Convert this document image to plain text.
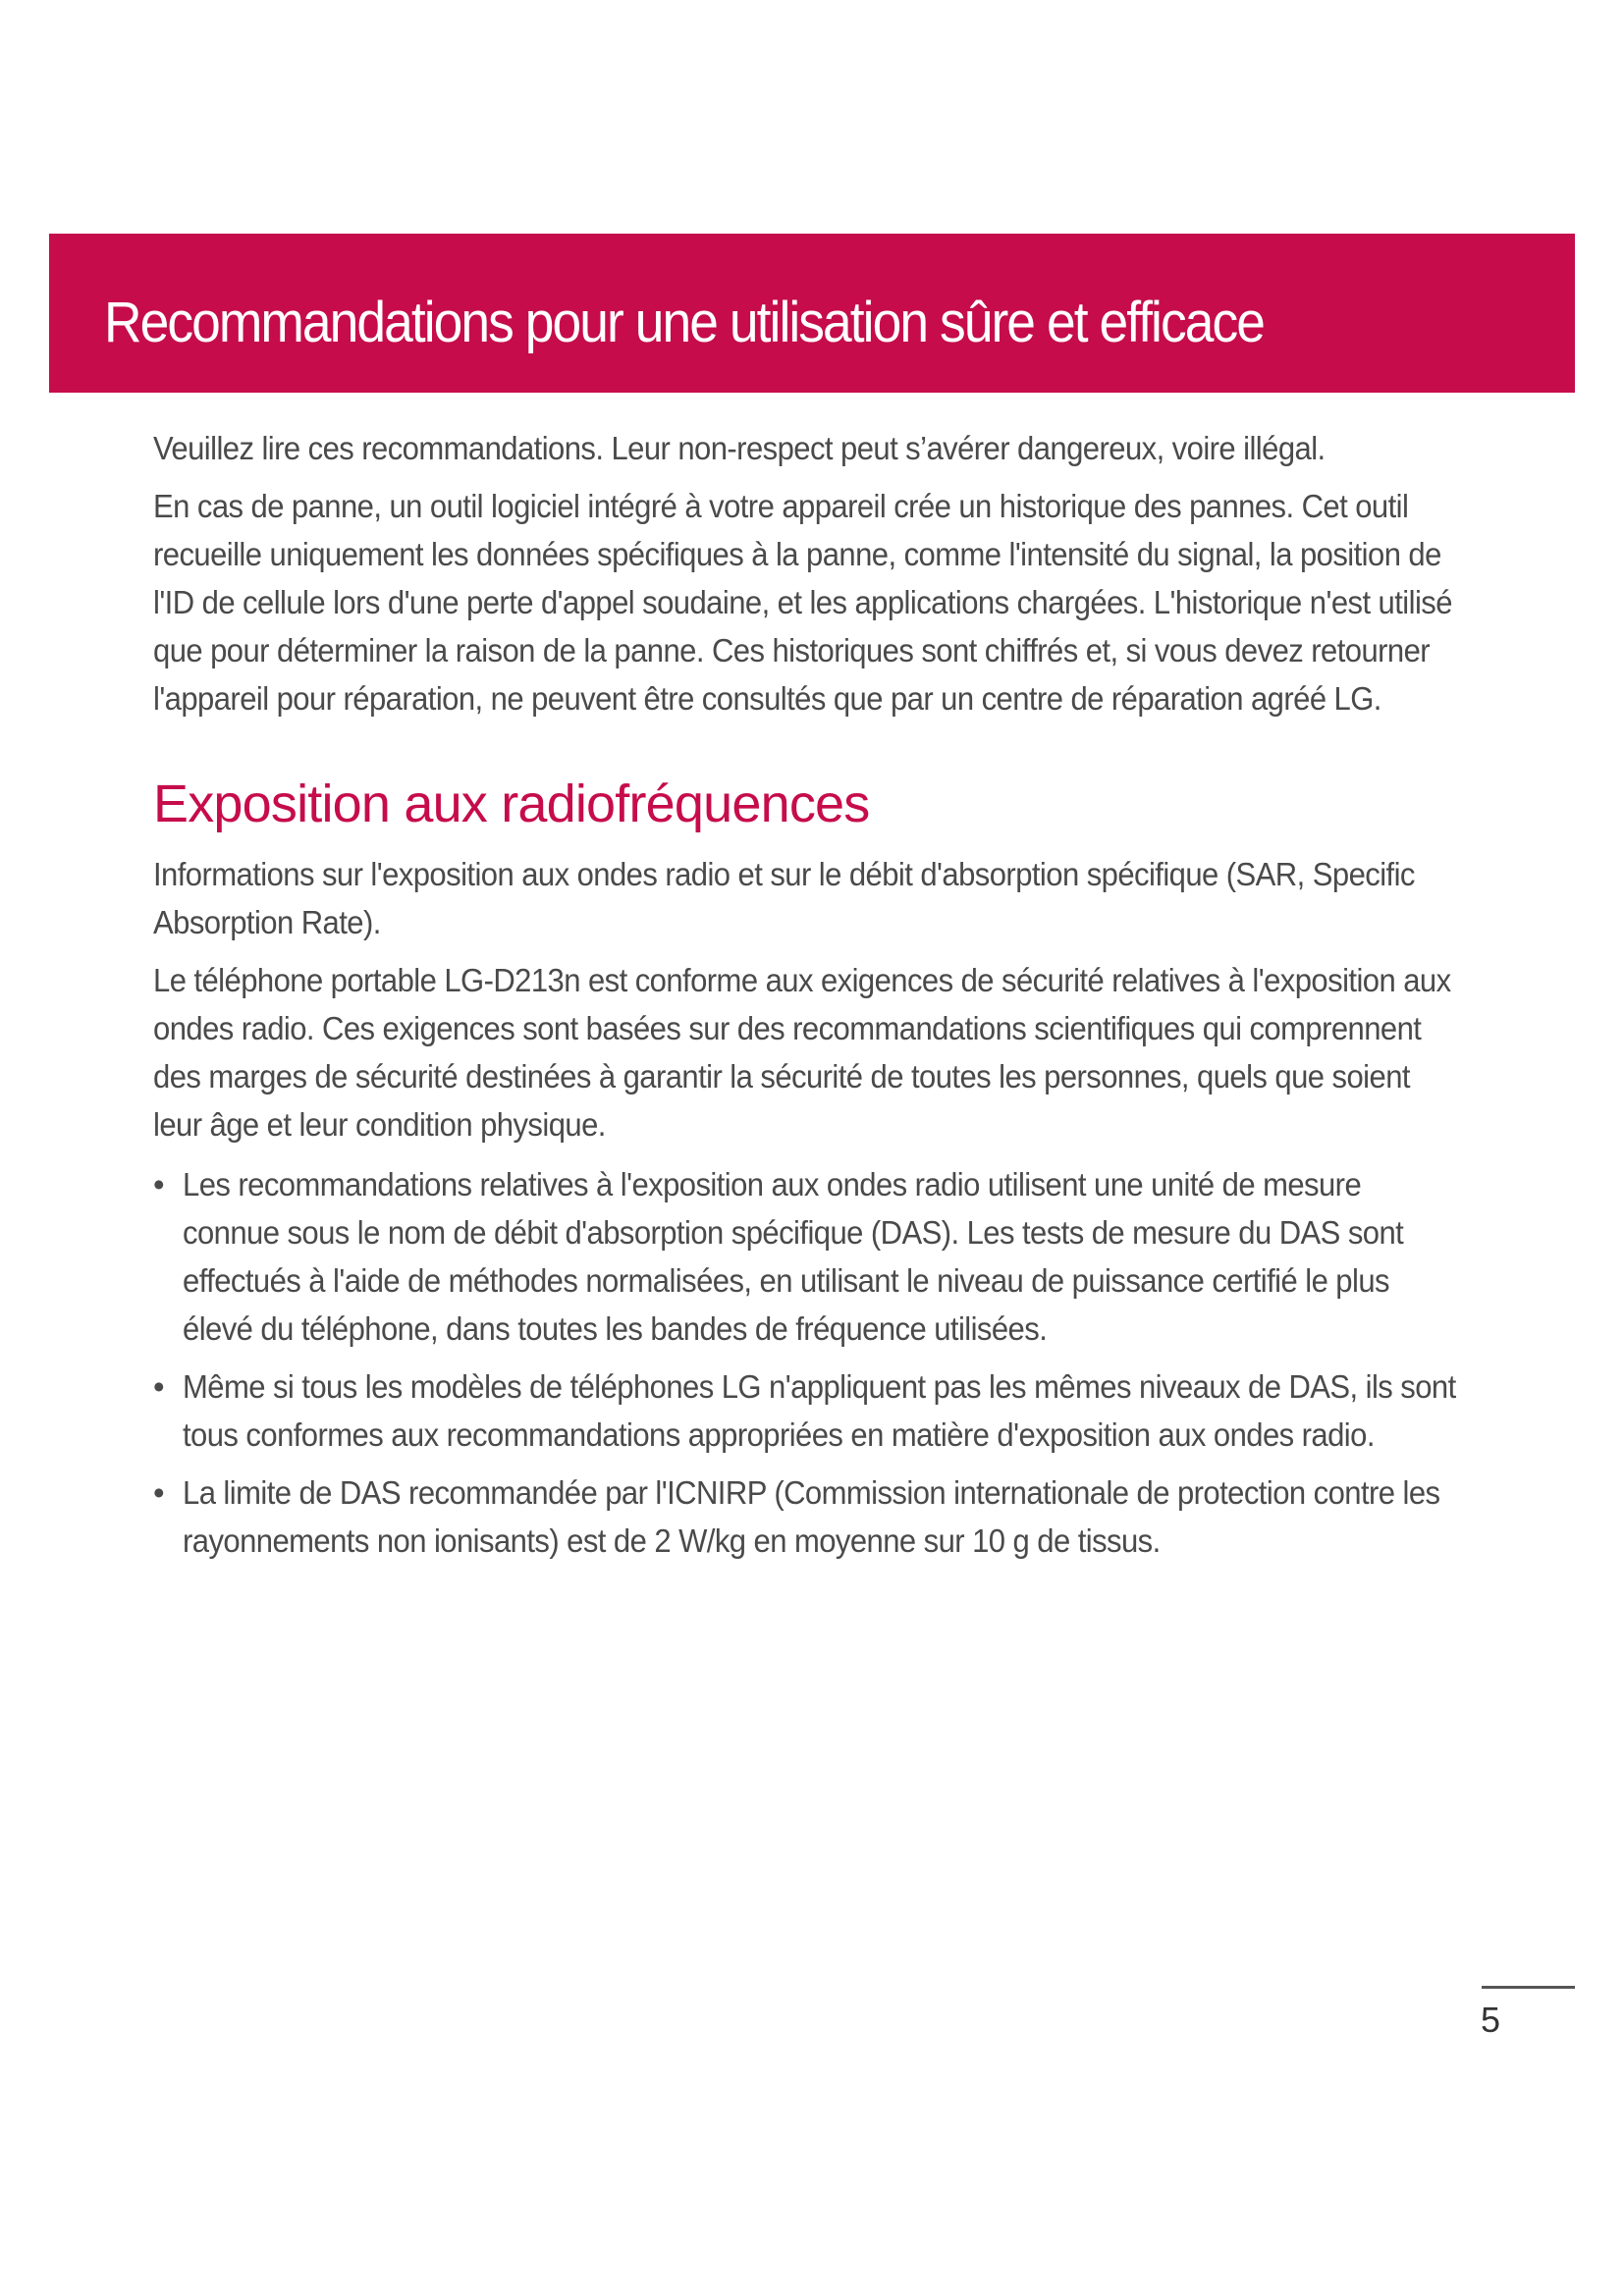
Recommandations pour une utilisation sûre et efficace

Veuillez lire ces recommandations. Leur non-respect peut s’avérer dangereux, voire illégal.

En cas de panne, un outil logiciel intégré à votre appareil crée un historique des pannes. Cet outil recueille uniquement les données spécifiques à la panne, comme l'intensité du signal, la position de l'ID de cellule lors d'une perte d'appel soudaine, et les applications chargées. L'historique n'est utilisé que pour déterminer la raison de la panne. Ces historiques sont chiffrés et, si vous devez retourner l'appareil pour réparation, ne peuvent être consultés que par un centre de réparation agréé LG.

Exposition aux radiofréquences

Informations sur l'exposition aux ondes radio et sur le débit d'absorption spécifique (SAR, Specific Absorption Rate).

Le téléphone portable LG-D213n est conforme aux exigences de sécurité relatives à l'exposition aux ondes radio. Ces exigences sont basées sur des recommandations scientifiques qui comprennent des marges de sécurité destinées à garantir la sécurité de toutes les personnes, quels que soient leur âge et leur condition physique.

• Les recommandations relatives à l'exposition aux ondes radio utilisent une unité de mesure connue sous le nom de débit d'absorption spécifique (DAS). Les tests de mesure du DAS sont effectués à l'aide de méthodes normalisées, en utilisant le niveau de puissance certifié le plus élevé du téléphone, dans toutes les bandes de fréquence utilisées.
• Même si tous les modèles de téléphones LG n'appliquent pas les mêmes niveaux de DAS, ils sont tous conformes aux recommandations appropriées en matière d'exposition aux ondes radio.
• La limite de DAS recommandée par l'ICNIRP (Commission internationale de protection contre les rayonnements non ionisants) est de 2 W/kg en moyenne sur 10 g de tissus.
5
